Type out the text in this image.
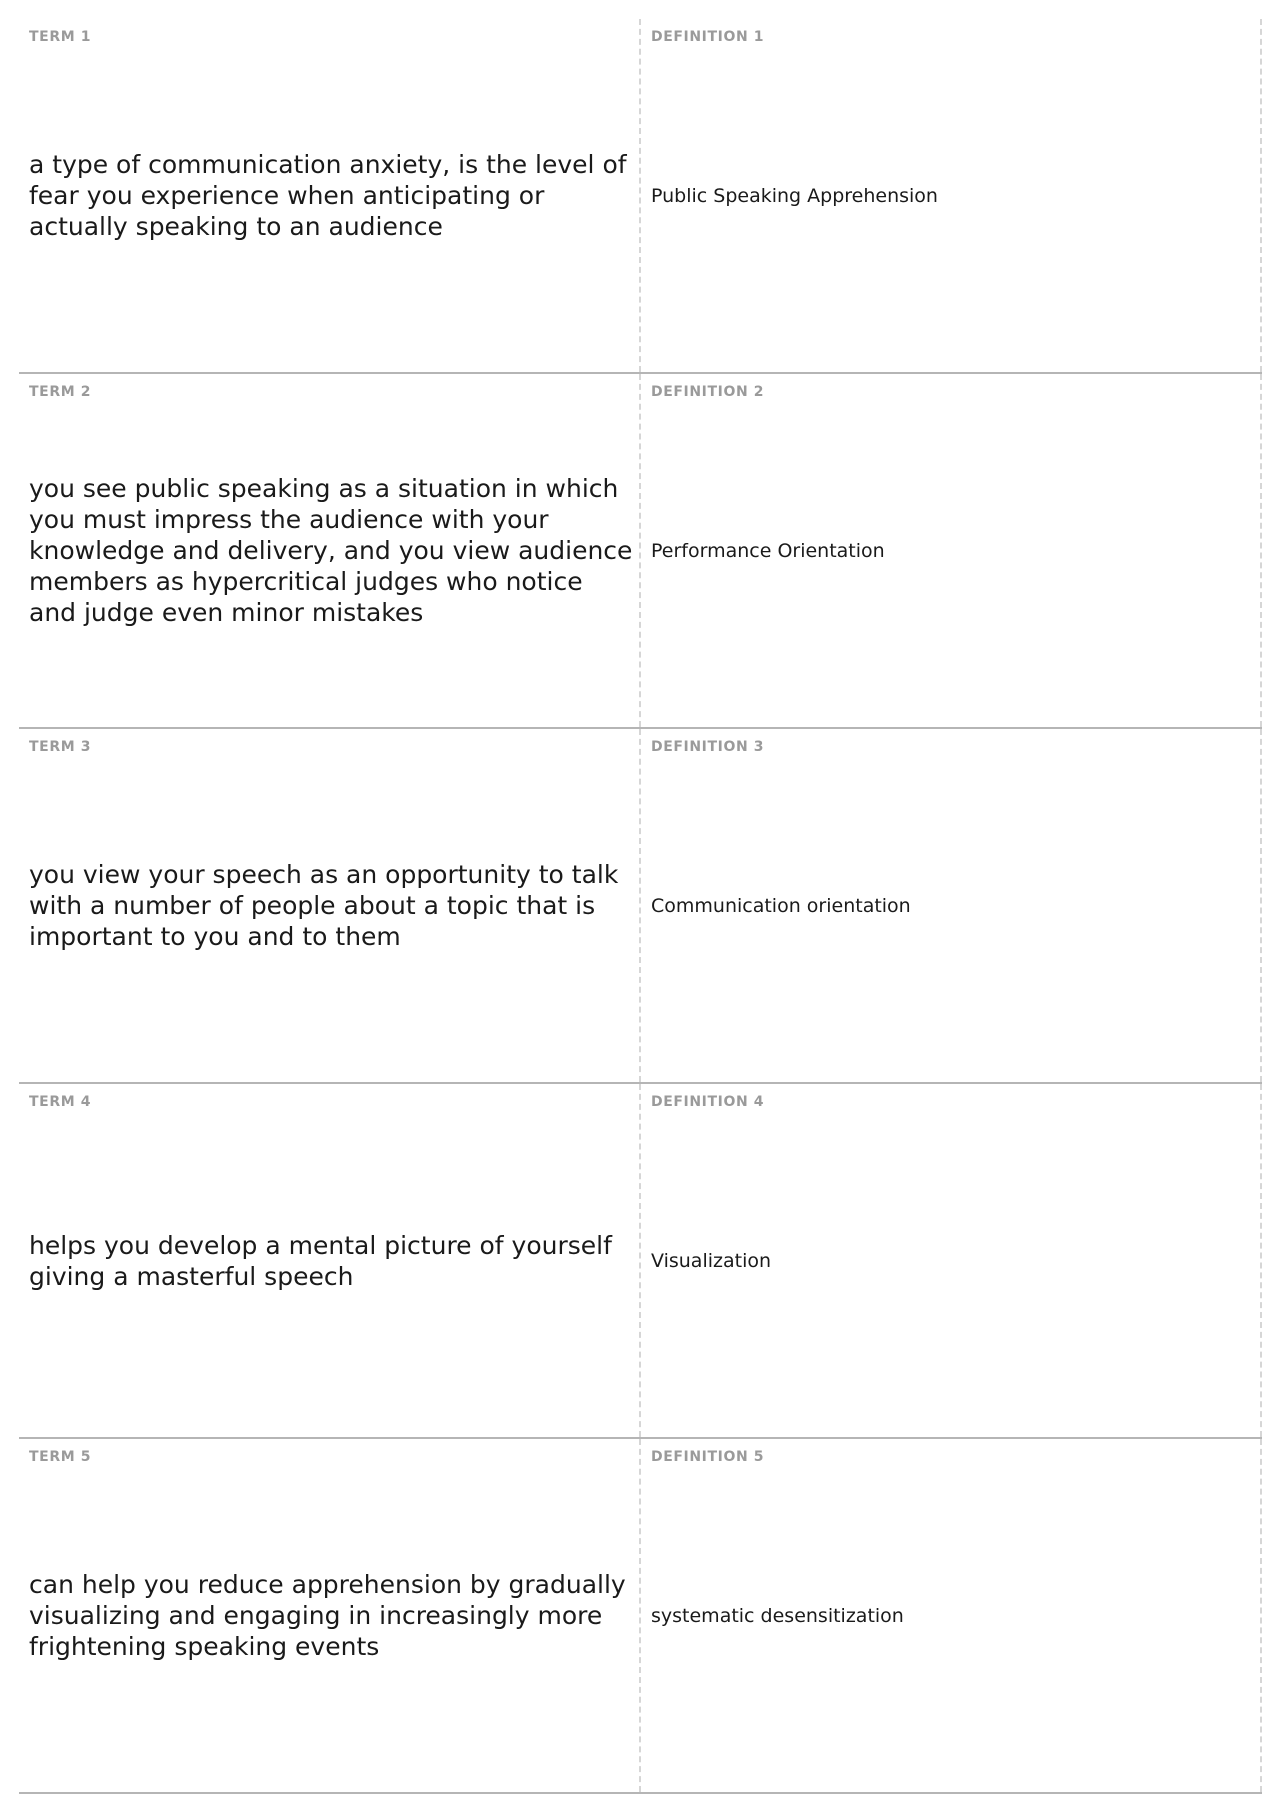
TERM 1
a type of communication anxiety, is the level of fear you experience when anticipating or actually speaking to an audience
DEFINITION 1
Public Speaking Apprehension
TERM 2
you see public speaking as a situation in which you must impress the audience with your knowledge and delivery, and you view audience members as hypercritical judges who notice and judge even minor mistakes
DEFINITION 2
Performance Orientation
TERM 3
you view your speech as an opportunity to talk with a number of people about a topic that is important to you and to them
DEFINITION 3
Communication orientation
TERM 4
helps you develop a mental picture of yourself giving a masterful speech
DEFINITION 4
Visualization
TERM 5
can help you reduce apprehension by gradually visualizing and engaging in increasingly more frightening speaking events
DEFINITION 5
systematic desensitization
